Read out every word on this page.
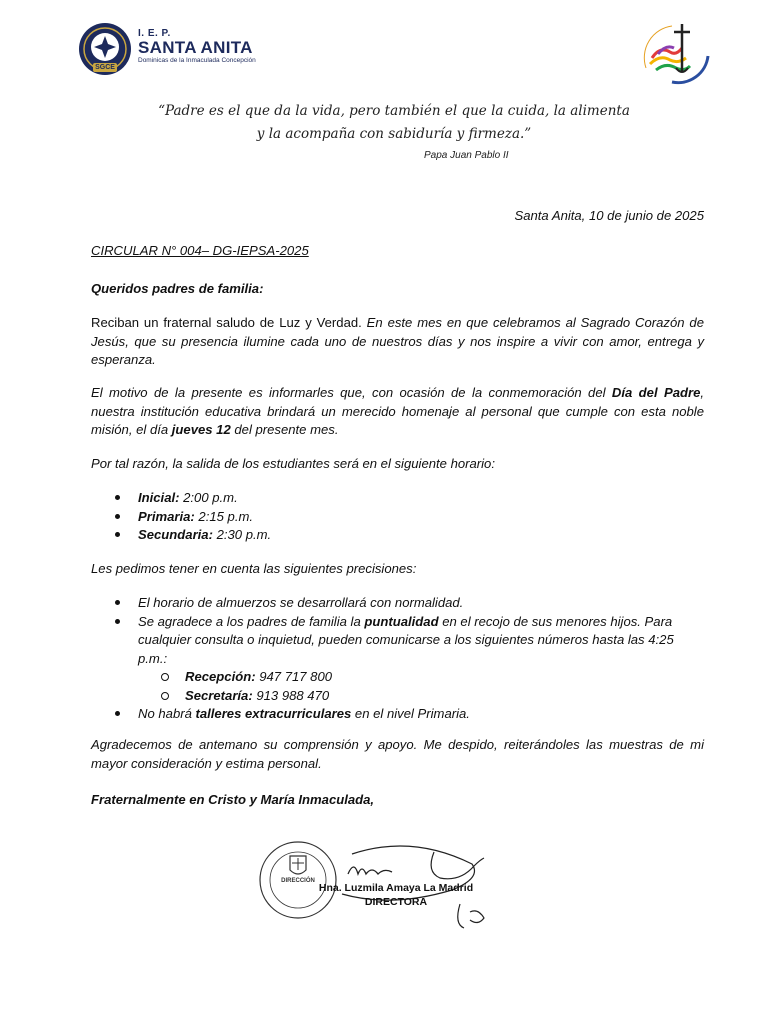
I. E. P.
SANTA ANITA
Dominicas de la Inmaculada Concepción
SGCE
“Padre es el que da la vida, pero también el que la cuida, la alimenta
y la acompaña con sabiduría y firmeza.”
Papa Juan Pablo II
Santa Anita, 10 de junio de 2025
CIRCULAR N° 004– DG-IEPSA-2025
Queridos padres de familia:
Reciban un fraternal saludo de Luz y Verdad. En este mes en que celebramos al Sagrado Corazón de Jesús, que su presencia ilumine cada uno de nuestros días y nos inspire a vivir con amor, entrega y esperanza.
El motivo de la presente es informarles que, con ocasión de la conmemoración del Día del Padre, nuestra institución educativa brindará un merecido homenaje al personal que cumple con esta noble misión, el día jueves 12 del presente mes.
Por tal razón, la salida de los estudiantes será en el siguiente horario:
Inicial: 2:00 p.m.
Primaria: 2:15 p.m.
Secundaria: 2:30 p.m.
Les pedimos tener en cuenta las siguientes precisiones:
El horario de almuerzos se desarrollará con normalidad.
Se agradece a los padres de familia la puntualidad en el recojo de sus menores hijos. Para cualquier consulta o inquietud, pueden comunicarse a los siguientes números hasta las 4:25 p.m.:
Recepción: 947 717 800
Secretaría: 913 988 470
No habrá talleres extracurriculares en el nivel Primaria.
Agradecemos de antemano su comprensión y apoyo. Me despido, reiterándoles las muestras de mi mayor consideración y estima personal.
Fraternalmente en Cristo y María Inmaculada,
DIRECCIÓN
Hna. Luzmila Amaya La Madrid
DIRECTORA
